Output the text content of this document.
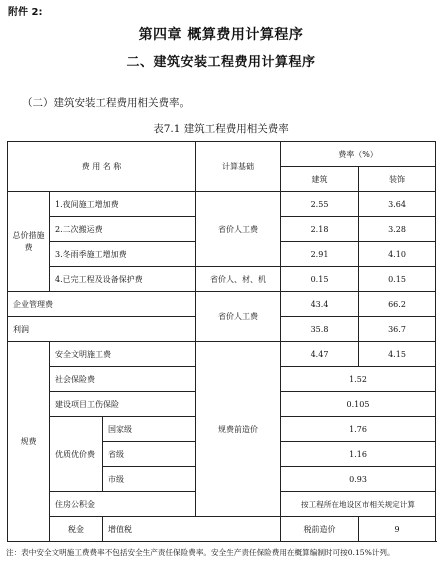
附件 2:
第四章 概算费用计算程序
二、建筑安装工程费用计算程序
（二）建筑安装工程费用相关费率。
表7.1 建筑工程费用相关费率
费 用 名 称			计算基础	费率（%）	
				建筑	装饰
总价措施费	1.夜间施工增加费		省价人工费	2.55	3.64
	2.二次搬运费			2.18	3.28
	3.冬雨季施工增加费			2.91	4.10
	4.已完工程及设备保护费		省价人、材、机	0.15	0.15
企业管理费			省价人工费	43.4	66.2
利润				35.8	36.7
规费	安全文明施工费		规费前造价	4.47	4.15
	社会保险费			1.52	
	建设项目工伤保险			0.105	
	优质优价费	国家级		1.76	
		省级		1.16	
		市级		0.93	
	住房公积金			按工程所在地设区市相关规定计算	
	税金	增值税		税前造价	9
注：表中安全文明施工费费率不包括安全生产责任保险费率。安全生产责任保险费用在概算编制时可按0.15%计列。
